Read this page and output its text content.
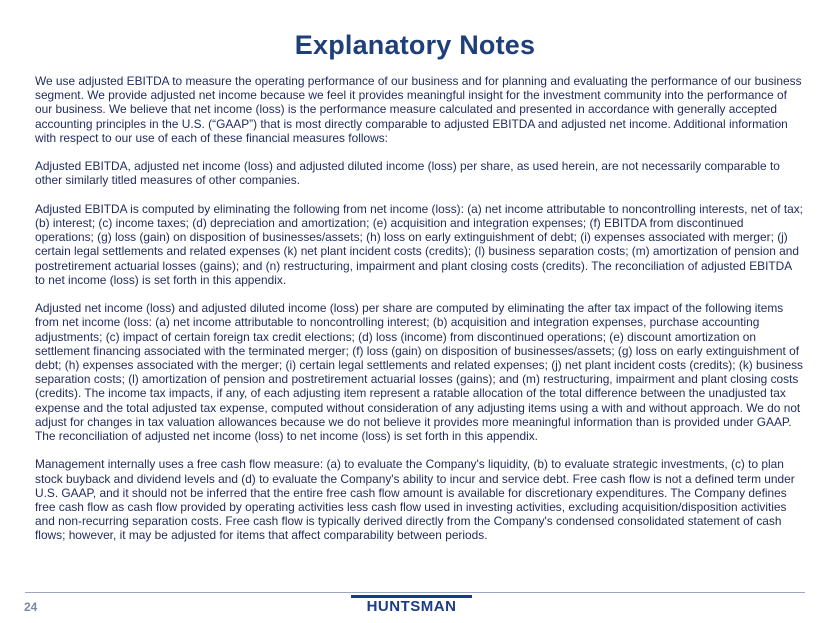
Explanatory Notes

We use adjusted EBITDA to measure the operating performance of our business and for planning and evaluating the performance of our business segment. We provide adjusted net income because we feel it provides meaningful insight for the investment community into the performance of our business. We believe that net income (loss) is the performance measure calculated and presented in accordance with generally accepted accounting principles in the U.S. (“GAAP”) that is most directly comparable to adjusted EBITDA and adjusted net income. Additional information with respect to our use of each of these financial measures follows:

Adjusted EBITDA, adjusted net income (loss) and adjusted diluted income (loss) per share, as used herein, are not necessarily comparable to other similarly titled measures of other companies.

Adjusted EBITDA is computed by eliminating the following from net income (loss): (a) net income attributable to noncontrolling interests, net of tax; (b) interest; (c) income taxes; (d) depreciation and amortization; (e) acquisition and integration expenses; (f) EBITDA from discontinued operations; (g) loss (gain) on disposition of businesses/assets; (h) loss on early extinguishment of debt; (i) expenses associated with merger; (j) certain legal settlements and related expenses (k) net plant incident costs (credits); (l) business separation costs; (m) amortization of pension and postretirement actuarial losses (gains); and (n) restructuring, impairment and plant closing costs (credits). The reconciliation of adjusted EBITDA to net income (loss) is set forth in this appendix.

Adjusted net income (loss) and adjusted diluted income (loss) per share are computed by eliminating the after tax impact of the following items from net income (loss: (a) net income attributable to noncontrolling interest; (b) acquisition and integration expenses, purchase accounting adjustments; (c) impact of certain foreign tax credit elections; (d) loss (income) from discontinued operations; (e) discount amortization on settlement financing associated with the terminated merger; (f) loss (gain) on disposition of businesses/assets; (g) loss on early extinguishment of debt; (h) expenses associated with the merger; (i) certain legal settlements and related expenses; (j) net plant incident costs (credits); (k) business separation costs; (l) amortization of pension and postretirement actuarial losses (gains); and (m) restructuring, impairment and plant closing costs (credits). The income tax impacts, if any, of each adjusting item represent a ratable allocation of the total difference between the unadjusted tax expense and the total adjusted tax expense, computed without consideration of any adjusting items using a with and without approach. We do not adjust for changes in tax valuation allowances because we do not believe it provides more meaningful information than is provided under GAAP. The reconciliation of adjusted net income (loss) to net income (loss) is set forth in this appendix.

Management internally uses a free cash flow measure: (a) to evaluate the Company's liquidity, (b) to evaluate strategic investments, (c) to plan stock buyback and dividend levels and (d) to evaluate the Company's ability to incur and service debt. Free cash flow is not a defined term under U.S. GAAP, and it should not be inferred that the entire free cash flow amount is available for discretionary expenditures. The Company defines free cash flow as cash flow provided by operating activities less cash flow used in investing activities, excluding acquisition/disposition activities and non-recurring separation costs. Free cash flow is typically derived directly from the Company's condensed consolidated statement of cash flows; however, it may be adjusted for items that affect comparability between periods.

24	HUNTSMAN
